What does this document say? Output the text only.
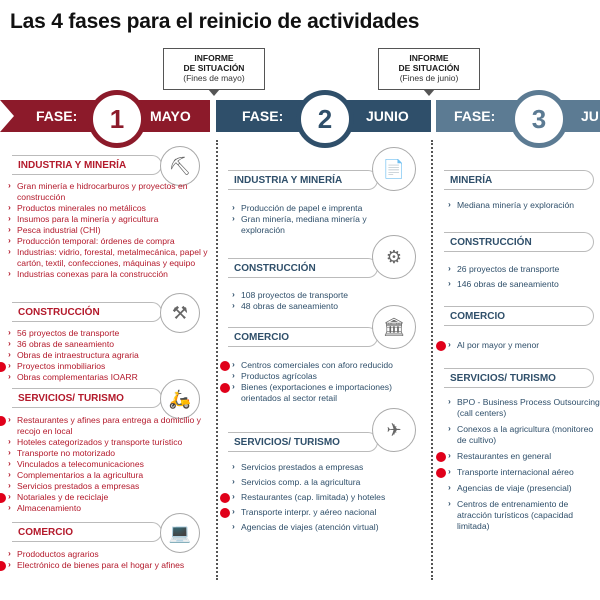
Las 4 fases para el reinicio de actividades
INFORME
DE SITUACIÓN
(Fines de mayo)
INFORME
DE SITUACIÓN
(Fines de junio)
FASE:	MAYO	FASE:	JUNIO	FASE:	JU
1	2	3
INDUSTRIA Y MINERÍA	⛏
› Gran minería e hidrocarburos y proyectos en construcción
› Productos minerales no metálicos
› Insumos para la minería y agricultura
› Pesca industrial (CHI)
› Producción temporal: órdenes de compra
› Industrias: vidrio, forestal, metalmecánica, papel y cartón, textil, confecciones, máquinas y equipo
› Industrias conexas para la construcción
CONSTRUCCIÓN	⚒
› 56 proyectos de transporte
› 36 obras de saneamiento
› Obras de intraestructura agraria
› Proyectos inmobiliarios
› Obras complementarias IOARR
SERVICIOS/ TURISMO	🛵
› Restaurantes y afines para entrega a domicilio y recojo en local
› Hoteles categorizados y transporte turístico
› Transporte no motorizado
› Vinculados a telecomunicaciones
› Complementarios a la agricultura
› Servicios prestados a empresas
› Notariales y de reciclaje
› Almacenamiento
COMERCIO	💻
› Prodoductos agrarios
› Electrónico de bienes para el hogar y afines
INDUSTRIA Y MINERÍA
📄
› Producción de papel e imprenta
› Gran minería, mediana minería y exploración
CONSTRUCCIÓN
⚙
› 108 proyectos de transporte
› 48 obras de saneamiento
COMERCIO
🏛
› Centros comerciales con aforo reducido
› Productos agrícolas
› Bienes (exportaciones e importaciones) orientados al sector retail
SERVICIOS/ TURISMO
✈
› Servicios prestados a empresas
› Servicios comp. a la agricultura
› Restaurantes (cap. limitada) y hoteles
› Transporte interpr. y aéreo nacional
› Agencias de viajes (atención virtual)
MINERÍA
› Mediana minería y exploración
CONSTRUCCIÓN
› 26 proyectos de transporte
› 146 obras de saneamiento
COMERCIO
› Al por mayor y menor
SERVICIOS/ TURISMO
› BPO - Business Process Outsourcing (call centers)
› Conexos a la agricultura (monitoreo de cultivo)
› Restaurantes en general
› Transporte internacional aéreo
› Agencias de viaje (presencial)
› Centros de entrenamiento de atracción turísticos (capacidad limitada)
